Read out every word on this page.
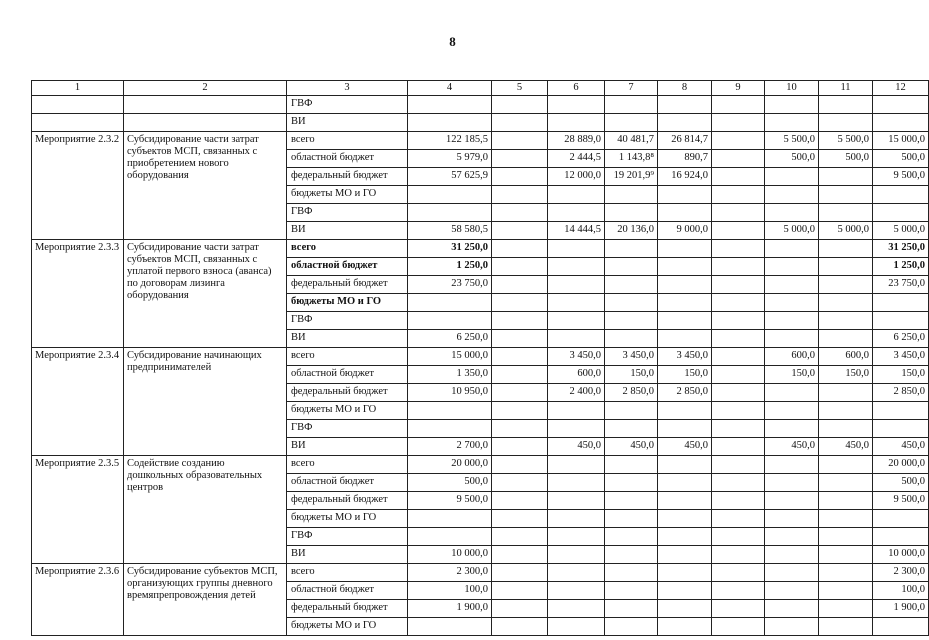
8
1	2	3	4	5	6	7	8	9	10	11	12
		ГВФ									
		ВИ									
Мероприятие 2.3.2	Субсидирование части затрат субъектов МСП, связанных с приобретением нового оборудования	всего	122 185,5		28 889,0	40 481,7	26 814,7		5 500,0	5 500,0	15 000,0
		областной бюджет	5 979,0		2 444,5	1 143,8⁸	890,7		500,0	500,0	500,0
		федеральный бюджет	57 625,9		12 000,0	19 201,9⁹	16 924,0				9 500,0
		бюджеты МО и ГО									
		ГВФ									
		ВИ	58 580,5		14 444,5	20 136,0	9 000,0		5 000,0	5 000,0	5 000,0
Мероприятие 2.3.3	Субсидирование части затрат субъектов МСП, связанных с уплатой первого взноса (аванса) по договорам лизинга оборудования	всего	31 250,0								31 250,0
		областной бюджет	1 250,0								1 250,0
		федеральный бюджет	23 750,0								23 750,0
		бюджеты МО и ГО									
		ГВФ									
		ВИ	6 250,0								6 250,0
Мероприятие 2.3.4	Субсидирование начинающих предпринимателей	всего	15 000,0		3 450,0	3 450,0	3 450,0		600,0	600,0	3 450,0
		областной бюджет	1 350,0		600,0	150,0	150,0		150,0	150,0	150,0
		федеральный бюджет	10 950,0		2 400,0	2 850,0	2 850,0				2 850,0
		бюджеты МО и ГО									
		ГВФ									
		ВИ	2 700,0		450,0	450,0	450,0		450,0	450,0	450,0
Мероприятие 2.3.5	Содействие созданию дошкольных образовательных центров	всего	20 000,0								20 000,0
		областной бюджет	500,0								500,0
		федеральный бюджет	9 500,0								9 500,0
		бюджеты МО и ГО									
		ГВФ									
		ВИ	10 000,0								10 000,0
Мероприятие 2.3.6	Субсидирование субъектов МСП, организующих группы дневного времяпрепровождения детей	всего	2 300,0								2 300,0
		областной бюджет	100,0								100,0
		федеральный бюджет	1 900,0								1 900,0
		бюджеты МО и ГО									
